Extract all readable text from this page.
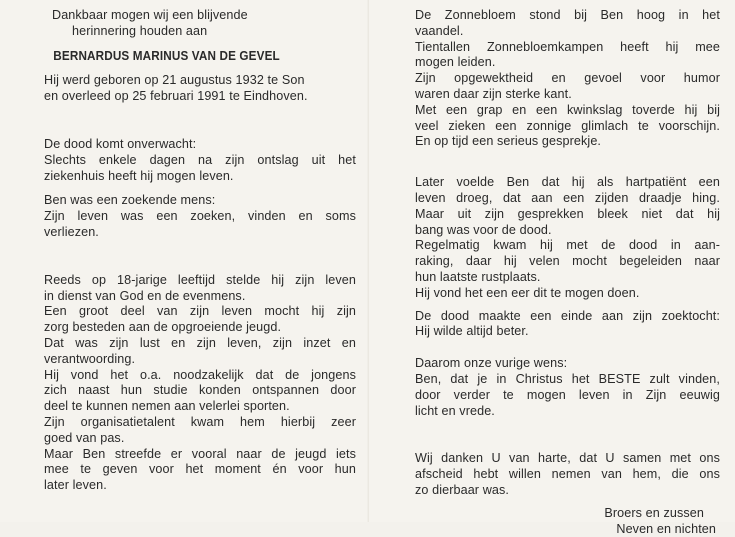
Dankbaar mogen wij een blijvende
herinnering houden aan
BERNARDUS MARINUS VAN DE GEVEL
Hij werd geboren op 21 augustus 1932 te Son
en overleed op 25 februari 1991 te Eindhoven.
De dood komt onverwacht:
Slechts enkele dagen na zijn ontslag uit het
ziekenhuis heeft hij mogen leven.
Ben was een zoekende mens:
Zijn leven was een zoeken, vinden en soms
verliezen.
Reeds op 18-jarige leeftijd stelde hij zijn leven
in dienst van God en de evenmens.
Een groot deel van zijn leven mocht hij zijn
zorg besteden aan de opgroeiende jeugd.
Dat was zijn lust en zijn leven, zijn inzet en
verantwoording.
Hij vond het o.a. noodzakelijk dat de jongens
zich naast hun studie konden ontspannen door
deel te kunnen nemen aan velerlei sporten.
Zijn organisatietalent kwam hem hierbij zeer
goed van pas.
Maar Ben streefde er vooral naar de jeugd iets
mee te geven voor het moment én voor hun
later leven.
De Zonnebloem stond bij Ben hoog in het
vaandel.
Tientallen Zonnebloemkampen heeft hij mee
mogen leiden.
Zijn opgewektheid en gevoel voor humor
waren daar zijn sterke kant.
Met een grap en een kwinkslag toverde hij bij
veel zieken een zonnige glimlach te voorschijn.
En op tijd een serieus gesprekje.
Later voelde Ben dat hij als hartpatiënt een
leven droeg, dat aan een zijden draadje hing.
Maar uit zijn gesprekken bleek niet dat hij
bang was voor de dood.
Regelmatig kwam hij met de dood in aan-
raking, daar hij velen mocht begeleiden naar
hun laatste rustplaats.
Hij vond het een eer dit te mogen doen.
De dood maakte een einde aan zijn zoektocht:
Hij wilde altijd beter.
Daarom onze vurige wens:
Ben, dat je in Christus het BESTE zult vinden,
door verder te mogen leven in Zijn eeuwig
licht en vrede.
Wij danken U van harte, dat U samen met ons
afscheid hebt willen nemen van hem, die ons
zo dierbaar was.
Broers en zussen
Neven en nichten
